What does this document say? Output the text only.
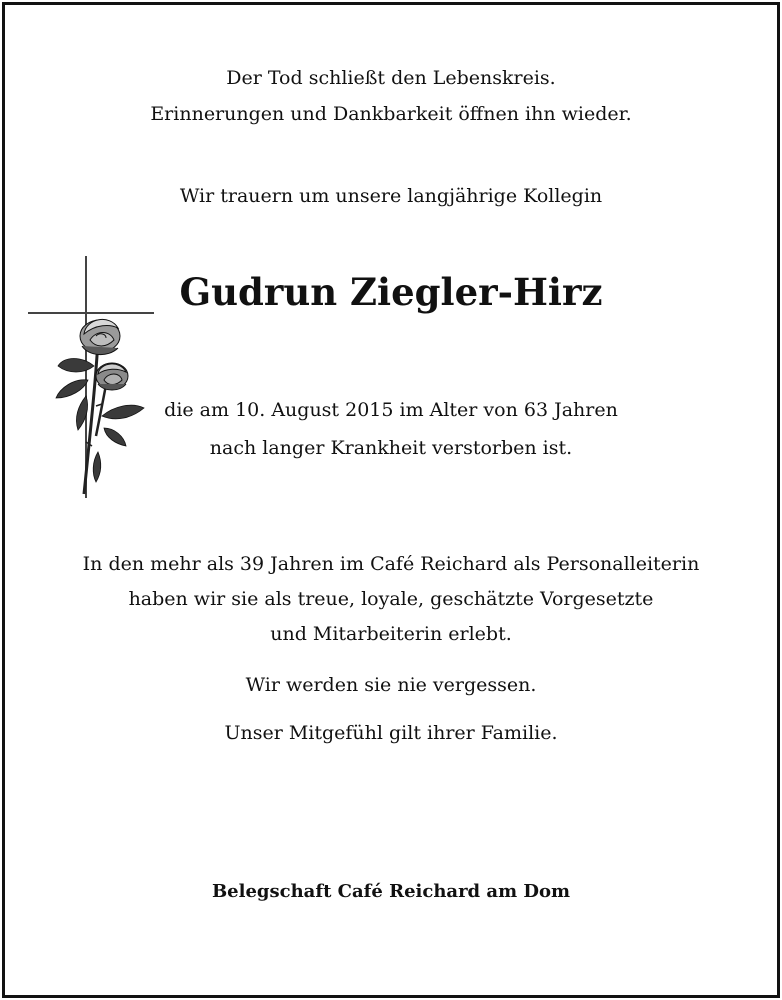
Der Tod schließt den Lebenskreis.
Erinnerungen und Dankbarkeit öffnen ihn wieder.
Wir trauern um unsere langjährige Kollegin
Gudrun Ziegler-Hirz
die am 10. August 2015 im Alter von 63 Jahren
nach langer Krankheit verstorben ist.
In den mehr als 39 Jahren im Café Reichard als Personalleiterin
haben wir sie als treue, loyale, geschätzte Vorgesetzte
und Mitarbeiterin erlebt.
Wir werden sie nie vergessen.
Unser Mitgefühl gilt ihrer Familie.
Belegschaft Café Reichard am Dom
